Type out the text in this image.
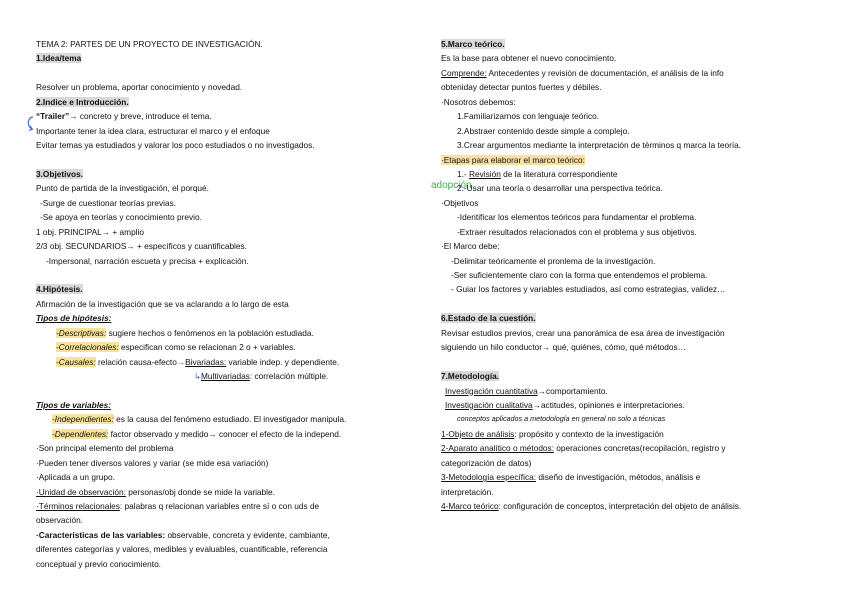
TEMA 2: PARTES DE UN PROYECTO DE INVESTIGACIÓN.
1.Idea/tema
Resolver un problema, aportar conocimiento y novedad.
2.Indice e Introducción.
“Trailer”→ concreto y breve, introduce el tema.
Importante tener la idea clara, estructurar el marco y el enfoque
Evitar temas ya estudiados y valorar los poco estudiados o no investigados.
3.Objetivos.
Punto de partida de la investigación, el porqué.
-Surge de cuestionar teorías previas.
-Se apoya en teorías y conocimiento previo.
1 obj. PRINCIPAL→ + amplio
2/3 obj. SECUNDARIOS→ + específicos y cuantificables.
-Impersonal, narración escueta y precisa + explicación.
4.Hipótesis.
Afirmación de la investigación que se va aclarando a lo largo de esta
Tipos de hipótesis:
-Descriptivas: sugiere hechos o fenómenos en la población estudiada.
-Correlacionales: especifican como se relacionan 2 o + variables.
-Causales: relación causa-efecto→Bivariadas: variable indep. y dependiente.
↳Multivariadas: correlación múltiple.
Tipos de variables:
-Independientes: es la causa del fenómeno estudiado. El investigador manipula.
-Dependientes: factor observado y medido→ conocer el efecto de la independ.
·Son principal elemento del problema
·Pueden tener diversos valores y variar (se mide esa variación)
·Aplicada a un grupo.
·Unidad de observación: personas/obj donde se mide la variable.
·Términos relacionales: palabras q relacionan variables entre sí o con uds de
observación.
·Características de las variables: observable, concreta y evidente, cambiante,
diferentes categorías y valores, medibles y evaluables, cuantificable, referencia
conceptual y previo conocimiento.
adopción
5.Marco teórico.
Es la base para obtener el nuevo conocimiento.
Comprende: Antecedentes y revisión de documentación, el análisis de la info
obteniday detectar puntos fuertes y débiles.
·Nosotros debemos:
1.Familiarizarnos con lenguaje teórico.
2.Abstraer contenido desde simple a complejo.
3.Crear argumentos mediante la interpretación de términos q marca la teoría.
·Etapas para elaborar el marco teórico:
1.- Revisión de la literatura correspondiente
2.-Usar una teoría o desarrollar una perspectiva teórica.
·Objetivos
-Identificar los elementos teóricos para fundamentar el problema.
-Extraer resultados relacionados con el problema y sus objetivos.
·El Marco debe:
-Delimitar teóricamente el pronlema de la investigación.
-Ser suficientemente claro con la forma que entendemos el problema.
- Guiar los factores y variables estudiados, así como estrategias, validez…
6.Estado de la cuestión.
Revisar estudios previos, crear una panorámica de esa área de investigación
siguiendo un hilo conductor→ qué, quiénes, cómo, qué métodos…
7.Metodología.
Investigación cuantitativa→comportamiento.
Investigación cualitativa→actitudes, opiniones e interpretaciones.
conceptos aplicados a metodología en general no solo a técnicas
1-Objeto de análisis: propósito y contexto de la investigación
2-Aparato analítico o métodos: operaciones concretas(recopilación, registro y
categorización de datos)
3-Metodología específica: diseño de investigación, métodos, análisis e
interpretación.
4-Marco teórico: configuración de conceptos, interpretación del objeto de análisis.
